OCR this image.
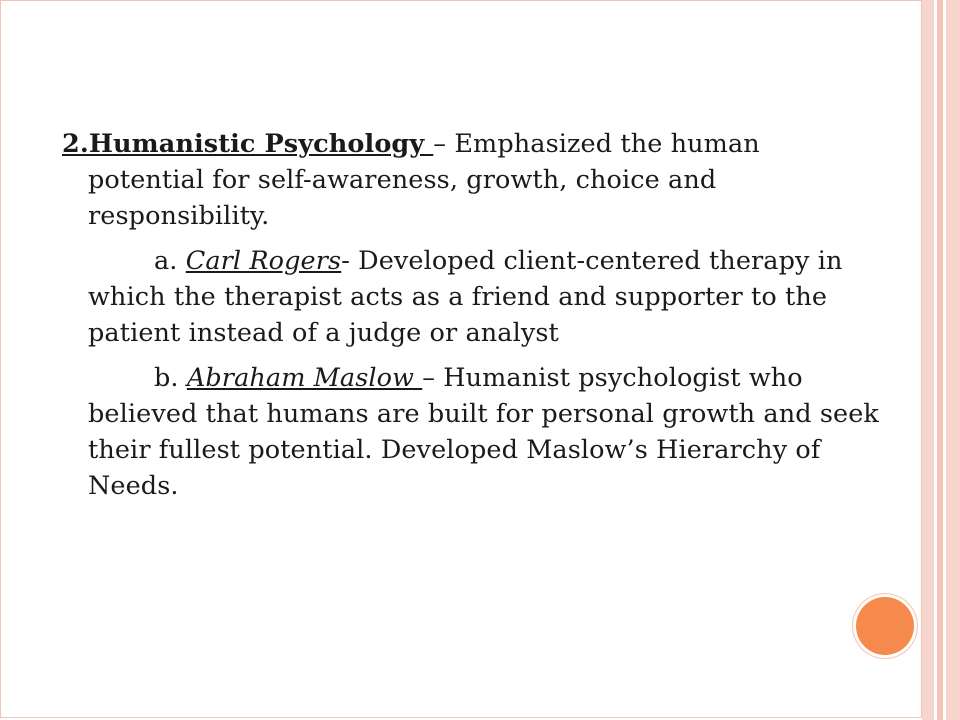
2.Humanistic Psychology – Emphasized the human potential for self-awareness, growth, choice and responsibility.

a. Carl Rogers- Developed client-centered therapy in which the therapist acts as a friend and supporter to the patient instead of a judge or analyst

b. Abraham Maslow – Humanist psychologist who believed that humans are built for personal growth and seek their fullest potential. Developed Maslow’s Hierarchy of Needs.
